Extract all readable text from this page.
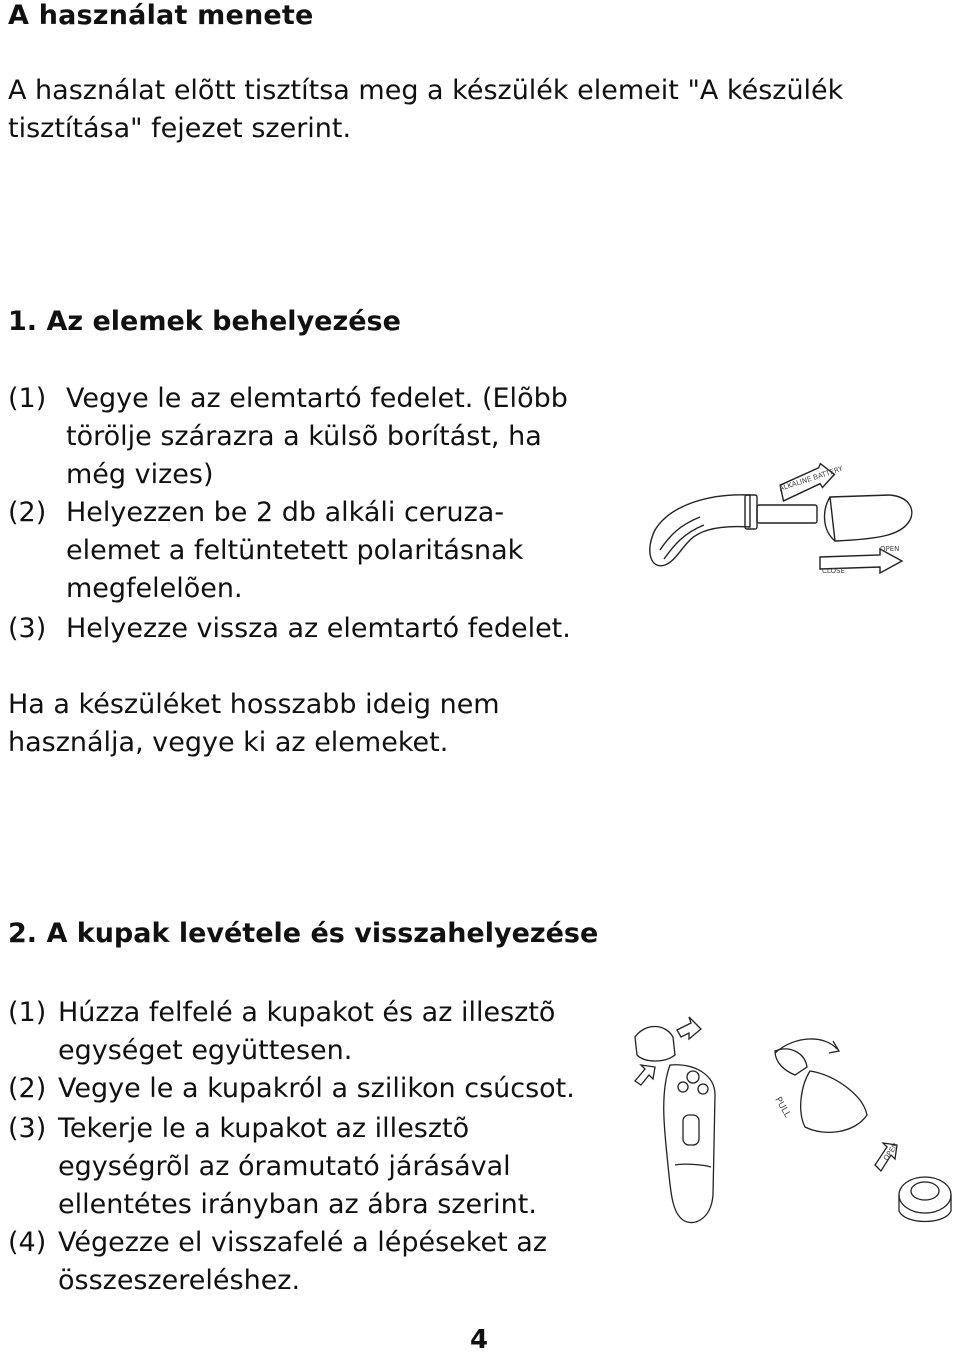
A használat menete
A használat elõtt tisztítsa meg a készülék elemeit "A készülék tisztítása" fejezet szerint.
1. Az elemek behelyezése
(1) Vegye le az elemtartó fedelet. (Elõbb
törölje szárazra a külsõ borítást, ha
még vizes)
(2) Helyezzen be 2 db alkáli ceruza-
elemet a feltüntetett polaritásnak
megfelelõen.
(3) Helyezze vissza az elemtartó fedelet.
Ha a készüléket hosszabb ideig nem
használja, vegye ki az elemeket.
ALKALINE BATTERY
OPEN
CLOSE
2. A kupak levétele és visszahelyezése
(1) Húzza felfelé a kupakot és az illesztõ
egységet együttesen.
(2) Vegye le a kupakról a szilikon csúcsot.
(3) Tekerje le a kupakot az illesztõ
egységrõl az óramutató járásával
ellentétes irányban az ábra szerint.
(4) Végezze el visszafelé a lépéseket az
összeszereléshez.
PULL
OPEN
4
